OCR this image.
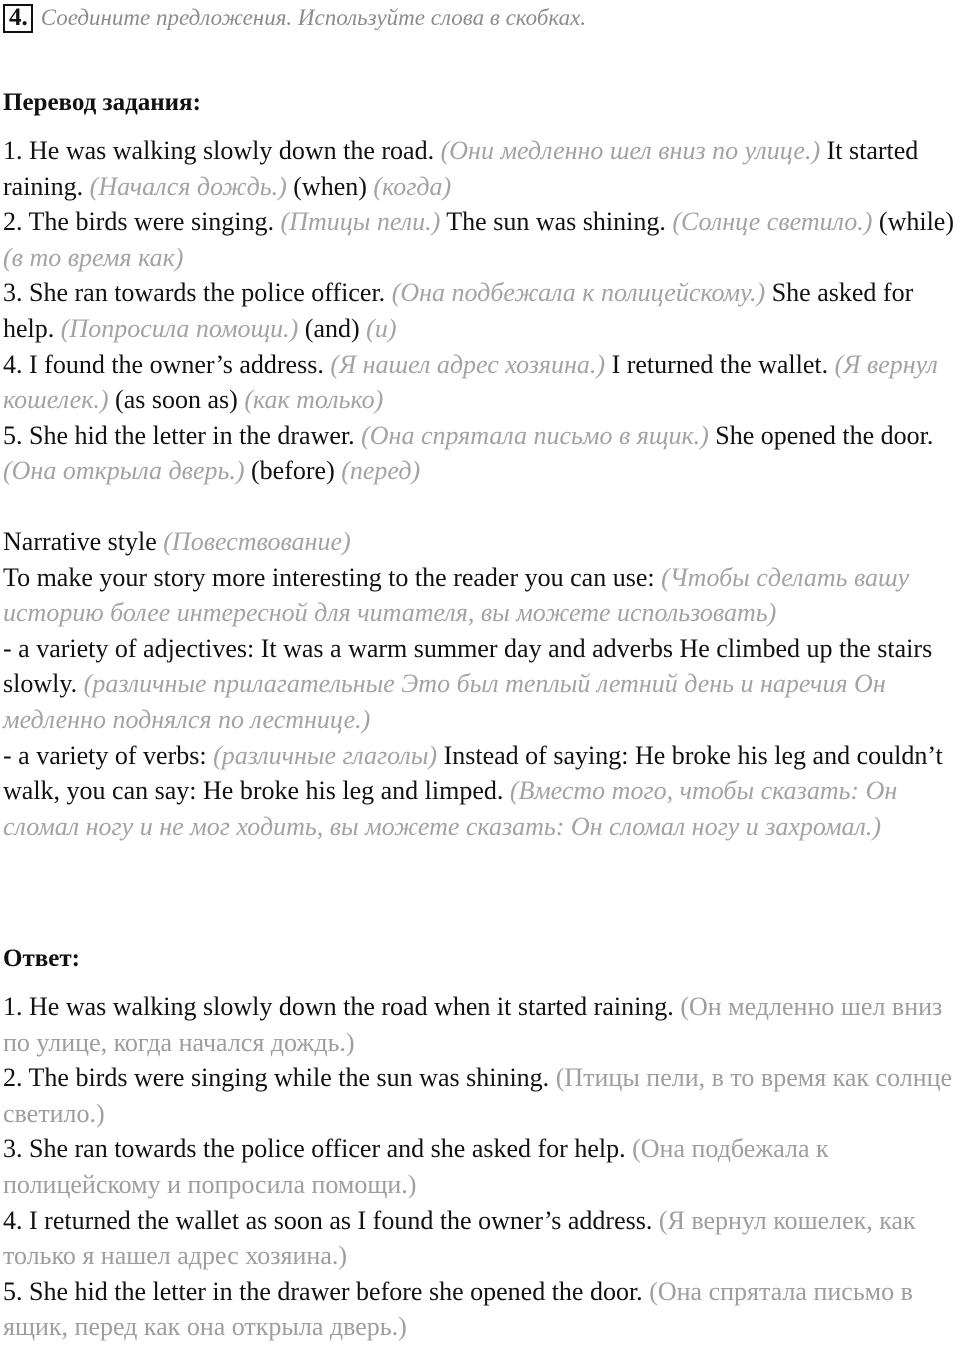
4. Соедините предложения. Используйте слова в скобках.
Перевод задания:

1. He was walking slowly down the road. (Они медленно шел вниз по улице.) It started raining. (Начался дождь.) (when) (когда)

2. The birds were singing. (Птицы пели.) The sun was shining. (Солнце светило.) (while) (в то время как)

3. She ran towards the police officer. (Она подбежала к полицейскому.) She asked for help. (Попросила помощи.) (and) (и)

4. I found the owner’s address. (Я нашел адрес хозяина.) I returned the wallet. (Я вернул кошелек.) (as soon as) (как только)

5. She hid the letter in the drawer. (Она спрятала письмо в ящик.) She opened the door. (Она открыла дверь.) (before) (перед)

Narrative style (Повествование)

To make your story more interesting to the reader you can use: (Чтобы сделать вашу историю более интересной для читателя, вы можете использовать)

- a variety of adjectives: It was a warm summer day and adverbs He climbed up the stairs slowly. (различные прилагательные Это был теплый летний день и наречия Он медленно поднялся по лестнице.)

- a variety of verbs: (различные глаголы) Instead of saying: He broke his leg and couldn’t walk, you can say: He broke his leg and limped. (Вместо того, чтобы сказать: Он сломал ногу и не мог ходить, вы можете сказать: Он сломал ногу и захромал.)

Ответ:

1. He was walking slowly down the road when it started raining. (Он медленно шел вниз по улице, когда начался дождь.)

2. The birds were singing while the sun was shining. (Птицы пели, в то время как солнце светило.)

3. She ran towards the police officer and she asked for help. (Она подбежала к полицейскому и попросила помощи.)

4. I returned the wallet as soon as I found the owner’s address. (Я вернул кошелек, как только я нашел адрес хозяина.)

5. She hid the letter in the drawer before she opened the door. (Она спрятала письмо в ящик, перед как она открыла дверь.)
